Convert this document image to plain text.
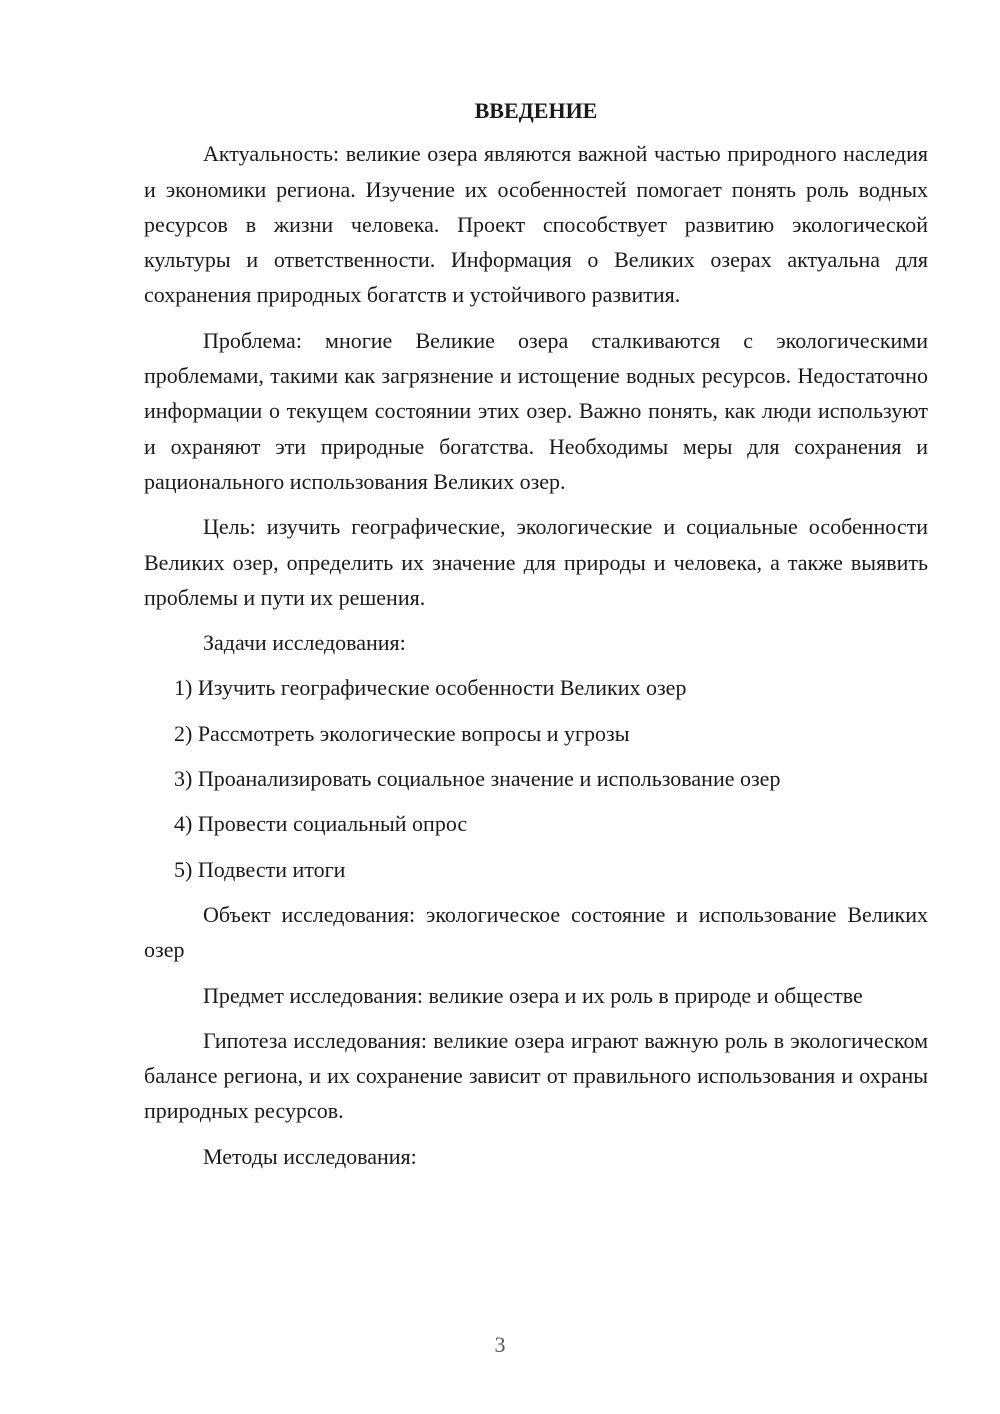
ВВЕДЕНИЕ

Актуальность: великие озера являются важной частью природного наследия и экономики региона. Изучение их особенностей помогает понять роль водных ресурсов в жизни человека. Проект способствует развитию экологической культуры и ответственности. Информация о Великих озерах актуальна для сохранения природных богатств и устойчивого развития.

Проблема: многие Великие озера сталкиваются с экологическими проблемами, такими как загрязнение и истощение водных ресурсов. Недостаточно информации о текущем состоянии этих озер. Важно понять, как люди используют и охраняют эти природные богатства. Необходимы меры для сохранения и рационального использования Великих озер.

Цель: изучить географические, экологические и социальные особенности Великих озер, определить их значение для природы и человека, а также выявить проблемы и пути их решения.

Задачи исследования:

1) Изучить географические особенности Великих озер
2) Рассмотреть экологические вопросы и угрозы
3) Проанализировать социальное значение и использование озер
4) Провести социальный опрос
5) Подвести итоги

Объект исследования: экологическое состояние и использование Великих озер

Предмет исследования: великие озера и их роль в природе и обществе

Гипотеза исследования: великие озера играют важную роль в экологическом балансе региона, и их сохранение зависит от правильного использования и охраны природных ресурсов.

Методы исследования:

3
